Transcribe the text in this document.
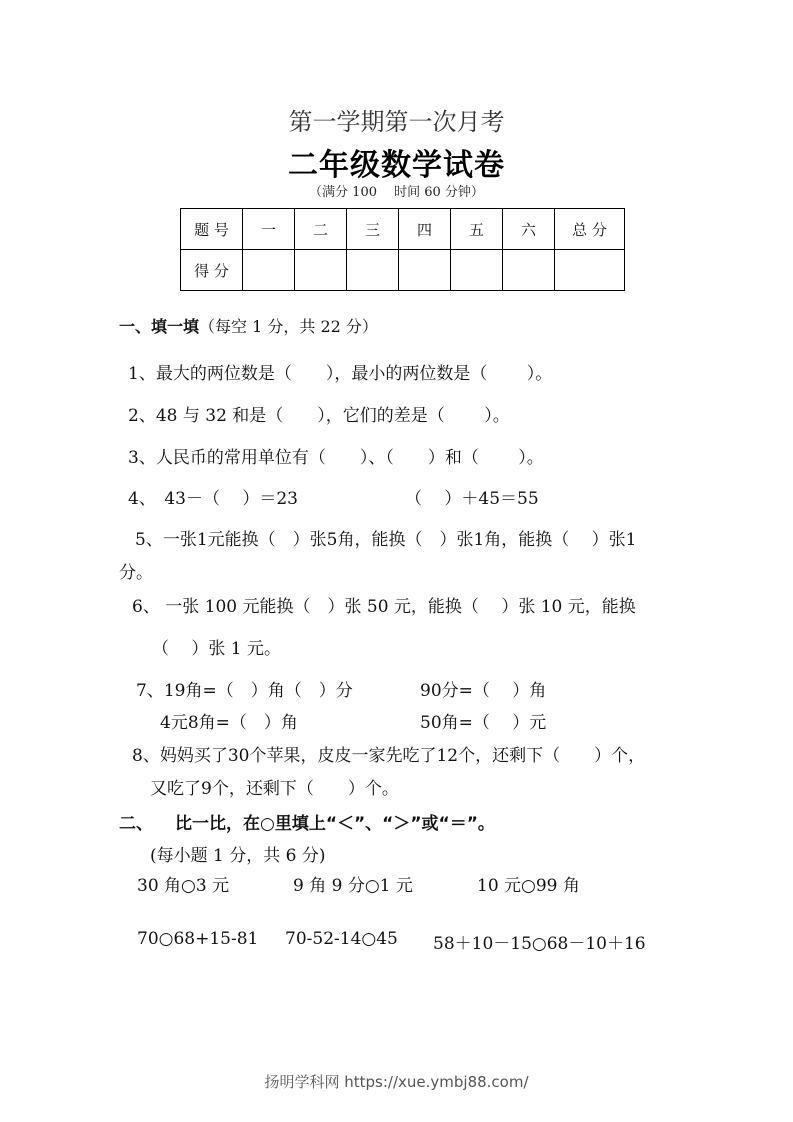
第一学期第一次月考
二年级数学试卷
（满分 100　 时间 60 分钟）
题 号	一	二	三	四	五	六	总 分
得 分							
一、填一填（每空 1 分，共 22 分）
1、最大的两位数是（　　），最小的两位数是（　　 ）。
2、48 与 32 和是（　　），它们的差是（　　 ）。
3、人民币的常用单位有（　　）、（　　）和（　　 ）。
4、　43－（　 ）＝23	（　 ）＋45＝55
5、一张1元能换（　）张5角，能换（　）张1角，能换（　 ）张1
分。
6、 一张 100 元能换（　）张 50 元，能换（　 ）张 10 元，能换
（　 ）张 1 元。
7、19角=（　）角（　）分	90分=（　 ）角
4元8角=（　）角	50角=（　 ）元
8、妈妈买了30个苹果，皮皮一家先吃了12个，还剩下（　　）个，
又吃了9个，还剩下（　　）个。
二、 比一比，在○里填上“＜”、“＞”或“＝”。
(每小题 1 分，共 6 分)
30 角○3 元	9 角 9 分○1 元	10 元○99 角
70○68+15-81 70-52-14○45 58＋10－15○68－10＋16
扬明学科网 https://xue.ymbj88.com/
